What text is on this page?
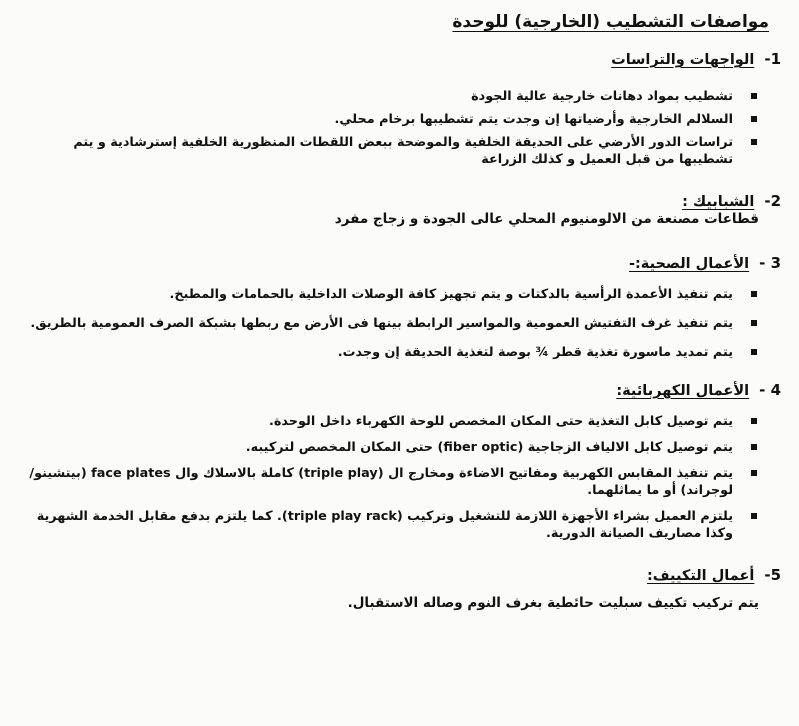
مواصفات التشطيب (الخارجية) للوحدة
1-
الواجهات والتراسات
تشطيب بمواد دهانات خارجية عالية الجودة
السلالم الخارجية وأرضياتها إن وجدت يتم تشطيبها برخام محلي.
تراسات الدور الأرضي على الحديقة الخلفية والموضحة ببعض اللقطات المنظورية الخلفية إسترشادية و يتم تشطيبها من قبل العميل و كذلك الزراعة
2-
الشبابيك :
قطاعات مصنعة من الالومنيوم المحلي عالى الجودة و زجاج مفرد
3 -
الأعمال الصحية:-
يتم تنفيذ الأعمدة الرأسية بالدكتات و يتم تجهيز كافة الوصلات الداخلية بالحمامات والمطبخ.
يتم تنفيذ غرف التفتيش العمومية والمواسير الرابطة بينها فى الأرض مع ربطها بشبكة الصرف العمومية بالطريق.
يتم تمديد ماسورة تغذية قطر ¾ بوصة لتغذية الحديقة إن وجدت.
4 -
الأعمال الكهربائية:
يتم توصيل كابل التغذية حتى المكان المخصص للوحة الكهرباء داخل الوحدة.
يتم توصيل كابل الالياف الزجاجية (fiber optic) حتى المكان المخصص لتركيبه.
يتم تنفيذ المقابس الكهربية ومفاتيح الاضاءة ومخارج ال (triple play) كاملة بالاسلاك وال face plates (بيتشينو/لوجراند) أو ما يماثلهما.
يلتزم العميل بشراء الأجهزة اللازمة للتشغيل وتركيب (triple play rack). كما يلتزم بدفع مقابل الخدمة الشهرية وكذا مصاريف الصيانة الدورية.
5-
أعمال التكييف:
يتم تركيب تكييف سبليت حائطية بغرف النوم وصاله الاستقبال.
